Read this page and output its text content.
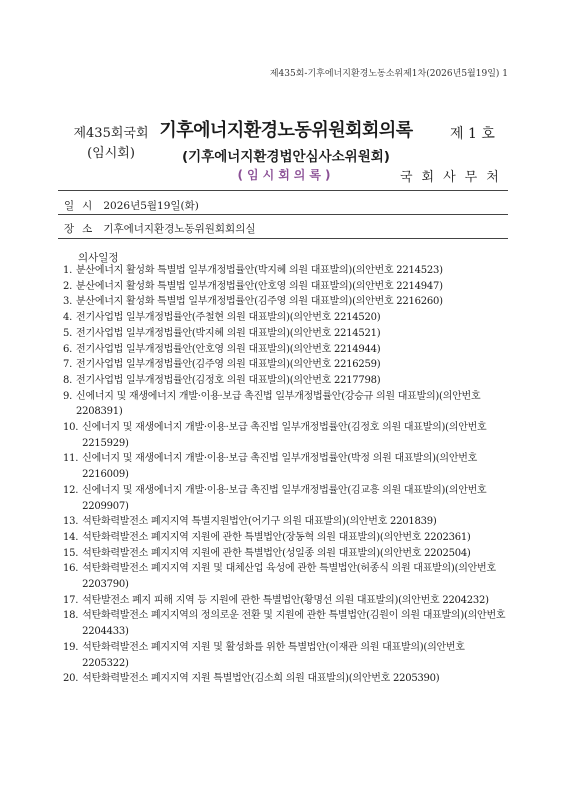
제435회-기후에너지환경노동소위제1차(2026년5월19일) 1
제435회국회
(임시회)
기후에너지환경노동위원회회의록
(기후에너지환경법안심사소위원회)
(임시회의록)
제 1 호
국회사무처
일시 2026년5월19일(화)
장소 기후에너지환경노동위원회회의실
의사일정
1. 분산에너지 활성화 특별법 일부개정법률안(박지혜 의원 대표발의)(의안번호 2214523)
2. 분산에너지 활성화 특별법 일부개정법률안(안호영 의원 대표발의)(의안번호 2214947)
3. 분산에너지 활성화 특별법 일부개정법률안(김주영 의원 대표발의)(의안번호 2216260)
4. 전기사업법 일부개정법률안(주철현 의원 대표발의)(의안번호 2214520)
5. 전기사업법 일부개정법률안(박지혜 의원 대표발의)(의안번호 2214521)
6. 전기사업법 일부개정법률안(안호영 의원 대표발의)(의안번호 2214944)
7. 전기사업법 일부개정법률안(김주영 의원 대표발의)(의안번호 2216259)
8. 전기사업법 일부개정법률안(김정호 의원 대표발의)(의안번호 2217798)
9. 신에너지 및 재생에너지 개발·이용·보급 촉진법 일부개정법률안(강승규 의원 대표발의)(의안번호 2208391)
10. 신에너지 및 재생에너지 개발·이용·보급 촉진법 일부개정법률안(김정호 의원 대표발의)(의안번호 2215929)
11. 신에너지 및 재생에너지 개발·이용·보급 촉진법 일부개정법률안(박정 의원 대표발의)(의안번호 2216009)
12. 신에너지 및 재생에너지 개발·이용·보급 촉진법 일부개정법률안(김교흥 의원 대표발의)(의안번호 2209907)
13. 석탄화력발전소 폐지지역 특별지원법안(어기구 의원 대표발의)(의안번호 2201839)
14. 석탄화력발전소 폐지지역 지원에 관한 특별법안(장동혁 의원 대표발의)(의안번호 2202361)
15. 석탄화력발전소 폐지지역 지원에 관한 특별법안(성일종 의원 대표발의)(의안번호 2202504)
16. 석탄화력발전소 폐지지역 지원 및 대체산업 육성에 관한 특별법안(허종식 의원 대표발의)(의안번호 2203790)
17. 석탄발전소 폐지 피해 지역 등 지원에 관한 특별법안(황명선 의원 대표발의)(의안번호 2204232)
18. 석탄화력발전소 폐지지역의 정의로운 전환 및 지원에 관한 특별법안(김원이 의원 대표발의)(의안번호 2204433)
19. 석탄화력발전소 폐지지역 지원 및 활성화를 위한 특별법안(이재관 의원 대표발의)(의안번호 2205322)
20. 석탄화력발전소 폐지지역 지원 특별법안(김소희 의원 대표발의)(의안번호 2205390)
